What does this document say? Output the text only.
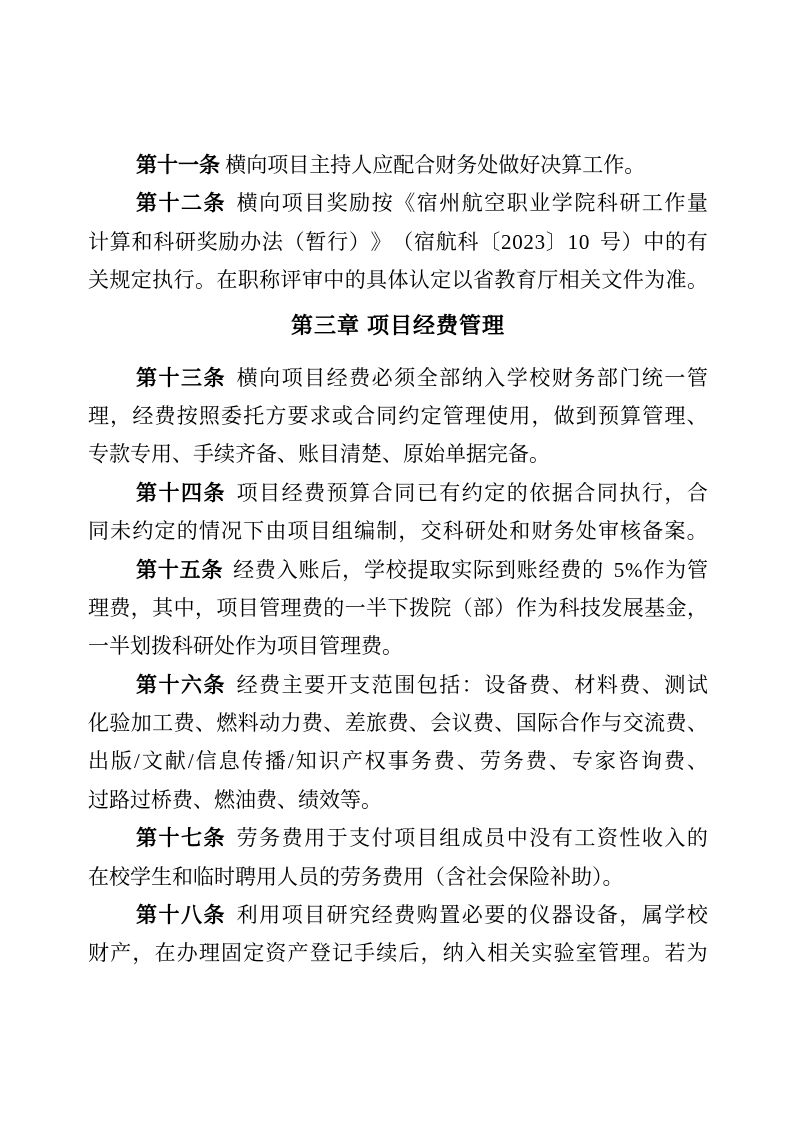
第十一条 横向项目主持人应配合财务处做好决算工作。
第 十 二 条 横 向 项 目 奖 励 按 《 宿 州 航 空 职 业 学 院 科 研 工 作 量
计 算 和 科 研 奖 励 办 法 （ 暂 行 ） 》 （ 宿 航 科 〔 2 0 2 3 〕 1 0 号 ） 中 的 有
关 规 定 执 行 。 在 职 称 评 审 中 的 具 体 认 定 以 省 教 育 厅 相 关 文 件 为 准 。
第三章 项目经费管理
第 十 三 条 横 向 项 目 经 费 必 须 全 部 纳 入 学 校 财 务 部 门 统 一 管
理 ， 经 费 按 照 委 托 方 要 求 或 合 同 约 定 管 理 使 用 ， 做 到 预 算 管 理 、
专款专用、手续齐备、账目清楚、原始单据完备。
第 十 四 条 项 目 经 费 预 算 合 同 已 有 约 定 的 依 据 合 同 执 行 ， 合
同 未 约 定 的 情 况 下 由 项 目 组 编 制 ， 交 科 研 处 和 财 务 处 审 核 备 案 。
第 十 五 条 经 费 入 账 后 ， 学 校 提 取 实 际 到 账 经 费 的 5 % 作 为 管
理 费 ， 其 中 ， 项 目 管 理 费 的 一 半 下 拨 院 （ 部 ） 作 为 科 技 发 展 基 金 ，
一半划拨科研处作为项目管理费。
第 十 六 条 经 费 主 要 开 支 范 围 包 括 ： 设 备 费 、 材 料 费 、 测 试
化 验 加 工 费 、 燃 料 动 力 费 、 差 旅 费 、 会 议 费 、 国 际 合 作 与 交 流 费 、
出 版 / 文 献 / 信 息 传 播 / 知 识 产 权 事 务 费 、 劳 务 费 、 专 家 咨 询 费 、
过路过桥费、燃油费、绩效等。
第 十 七 条 劳 务 费 用 于 支 付 项 目 组 成 员 中 没 有 工 资 性 收 入 的
在校学生和临时聘用人员的劳务费用（含社会保险补助）。
第 十 八 条 利 用 项 目 研 究 经 费 购 置 必 要 的 仪 器 设 备 ， 属 学 校
财 产 ， 在 办 理 固 定 资 产 登 记 手 续 后 ， 纳 入 相 关 实 验 室 管 理 。 若 为
